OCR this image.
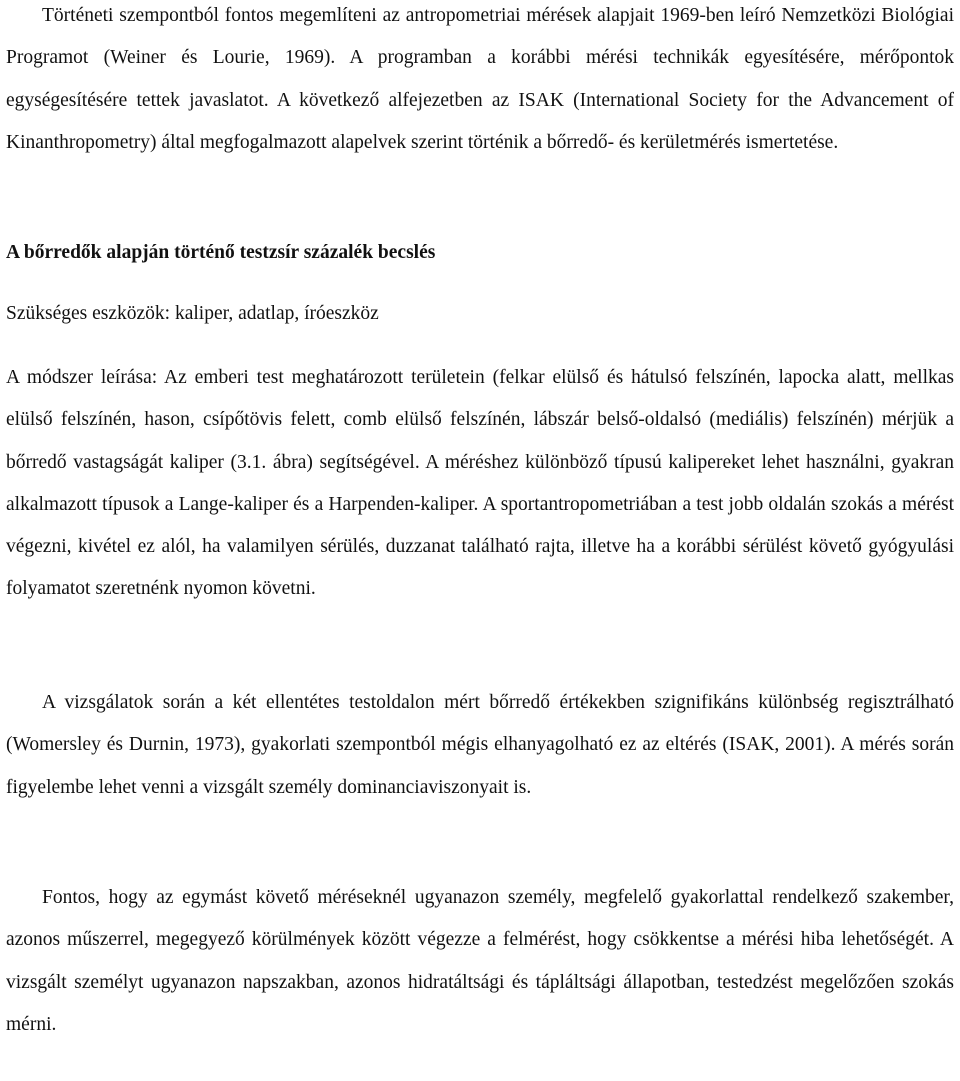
Történeti szempontból fontos megemlíteni az antropometriai mérések alapjait 1969-ben leíró Nemzetközi Biológiai Programot (Weiner és Lourie, 1969). A programban a korábbi mérési technikák egyesítésére, mérőpontok egységesítésére tettek javaslatot. A következő alfejezetben az ISAK (International Society for the Advancement of Kinanthropometry) által megfogalmazott alapelvek szerint történik a bőrredő- és kerületmérés ismertetése.

A bőrredők alapján történő testzsír százalék becslés

Szükséges eszközök: kaliper, adatlap, íróeszköz

A módszer leírása: Az emberi test meghatározott területein (felkar elülső és hátulsó felszínén, lapocka alatt, mellkas elülső felszínén, hason, csípőtövis felett, comb elülső felszínén, lábszár belső-oldalsó (mediális) felszínén) mérjük a bőrredő vastagságát kaliper (3.1. ábra) segítségével. A méréshez különböző típusú kalipereket lehet használni, gyakran alkalmazott típusok a Lange-kaliper és a Harpenden-kaliper. A sportantropometriában a test jobb oldalán szokás a mérést végezni, kivétel ez alól, ha valamilyen sérülés, duzzanat található rajta, illetve ha a korábbi sérülést követő gyógyulási folyamatot szeretnénk nyomon követni.

A vizsgálatok során a két ellentétes testoldalon mért bőrredő értékekben szignifikáns különbség regisztrálható (Womersley és Durnin, 1973), gyakorlati szempontból mégis elhanyagolható ez az eltérés (ISAK, 2001). A mérés során figyelembe lehet venni a vizsgált személy dominanciaviszonyait is.

Fontos, hogy az egymást követő méréseknél ugyanazon személy, megfelelő gyakorlattal rendelkező szakember, azonos műszerrel, megegyező körülmények között végezze a felmérést, hogy csökkentse a mérési hiba lehetőségét. A vizsgált személyt ugyanazon napszakban, azonos hidratáltsági és tápláltsági állapotban, testedzést megelőzően szokás mérni.
